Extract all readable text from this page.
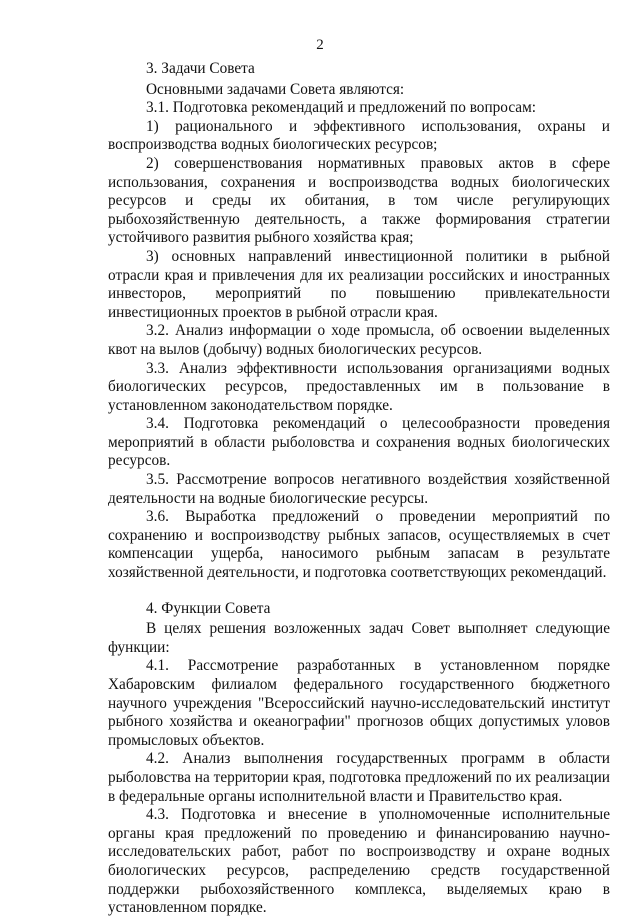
2

3. Задачи Совета

Основными задачами Совета являются:

3.1. Подготовка рекомендаций и предложений по вопросам:

1) рационального и эффективного использования, охраны и воспроизводства водных биологических ресурсов;

2) совершенствования нормативных правовых актов в сфере использования, сохранения и воспроизводства водных биологических ресурсов и среды их обитания, в том числе регулирующих рыбохозяйственную деятельность, а также формирования стратегии устойчивого развития рыбного хозяйства края;

3) основных направлений инвестиционной политики в рыбной отрасли края и привлечения для их реализации российских и иностранных инвесторов, мероприятий по повышению привлекательности инвестиционных проектов в рыбной отрасли края.

3.2. Анализ информации о ходе промысла, об освоении выделенных квот на вылов (добычу) водных биологических ресурсов.

3.3. Анализ эффективности использования организациями водных биологических ресурсов, предоставленных им в пользование в установленном законодательством порядке.

3.4. Подготовка рекомендаций о целесообразности проведения мероприятий в области рыболовства и сохранения водных биологических ресурсов.

3.5. Рассмотрение вопросов негативного воздействия хозяйственной деятельности на водные биологические ресурсы.

3.6. Выработка предложений о проведении мероприятий по сохранению и воспроизводству рыбных запасов, осуществляемых в счет компенсации ущерба, наносимого рыбным запасам в результате хозяйственной деятельности, и подготовка соответствующих рекомендаций.

4. Функции Совета

В целях решения возложенных задач Совет выполняет следующие функции:

4.1. Рассмотрение разработанных в установленном порядке Хабаровским филиалом федерального государственного бюджетного научного учреждения "Всероссийский научно-исследовательский институт рыбного хозяйства и океанографии" прогнозов общих допустимых уловов промысловых объектов.

4.2. Анализ выполнения государственных программ в области рыболовства на территории края, подготовка предложений по их реализации в федеральные органы исполнительной власти и Правительство края.

4.3. Подготовка и внесение в уполномоченные исполнительные органы края предложений по проведению и финансированию научно-исследовательских работ, работ по воспроизводству и охране водных биологических ресурсов, распределению средств государственной поддержки рыбохозяйственного комплекса, выделяемых краю в установленном порядке.
